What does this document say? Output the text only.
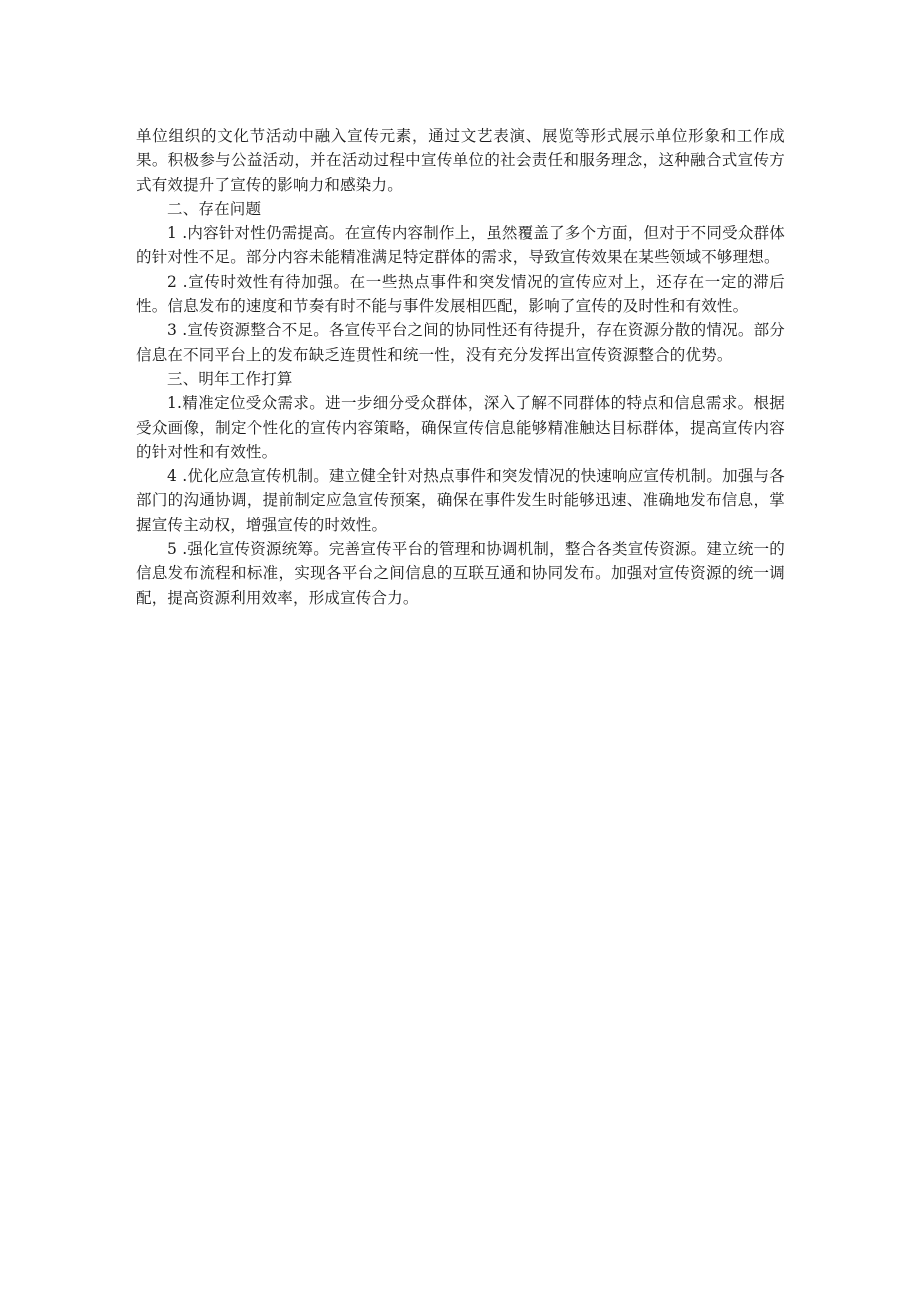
单位组织的文化节活动中融入宣传元素，通过文艺表演、展览等形式展示单位形象和工作成果。积极参与公益活动，并在活动过程中宣传单位的社会责任和服务理念，这种融合式宣传方式有效提升了宣传的影响力和感染力。

二、存在问题

1 .内容针对性仍需提高。在宣传内容制作上，虽然覆盖了多个方面，但对于不同受众群体的针对性不足。部分内容未能精准满足特定群体的需求，导致宣传效果在某些领域不够理想。

2 .宣传时效性有待加强。在一些热点事件和突发情况的宣传应对上，还存在一定的滞后性。信息发布的速度和节奏有时不能与事件发展相匹配，影响了宣传的及时性和有效性。

3 .宣传资源整合不足。各宣传平台之间的协同性还有待提升，存在资源分散的情况。部分信息在不同平台上的发布缺乏连贯性和统一性，没有充分发挥出宣传资源整合的优势。

三、明年工作打算

1.精准定位受众需求。进一步细分受众群体，深入了解不同群体的特点和信息需求。根据受众画像，制定个性化的宣传内容策略，确保宣传信息能够精准触达目标群体，提高宣传内容的针对性和有效性。

4 .优化应急宣传机制。建立健全针对热点事件和突发情况的快速响应宣传机制。加强与各部门的沟通协调，提前制定应急宣传预案，确保在事件发生时能够迅速、准确地发布信息，掌握宣传主动权，增强宣传的时效性。

5 .强化宣传资源统筹。完善宣传平台的管理和协调机制，整合各类宣传资源。建立统一的信息发布流程和标准，实现各平台之间信息的互联互通和协同发布。加强对宣传资源的统一调配，提高资源利用效率，形成宣传合力。
